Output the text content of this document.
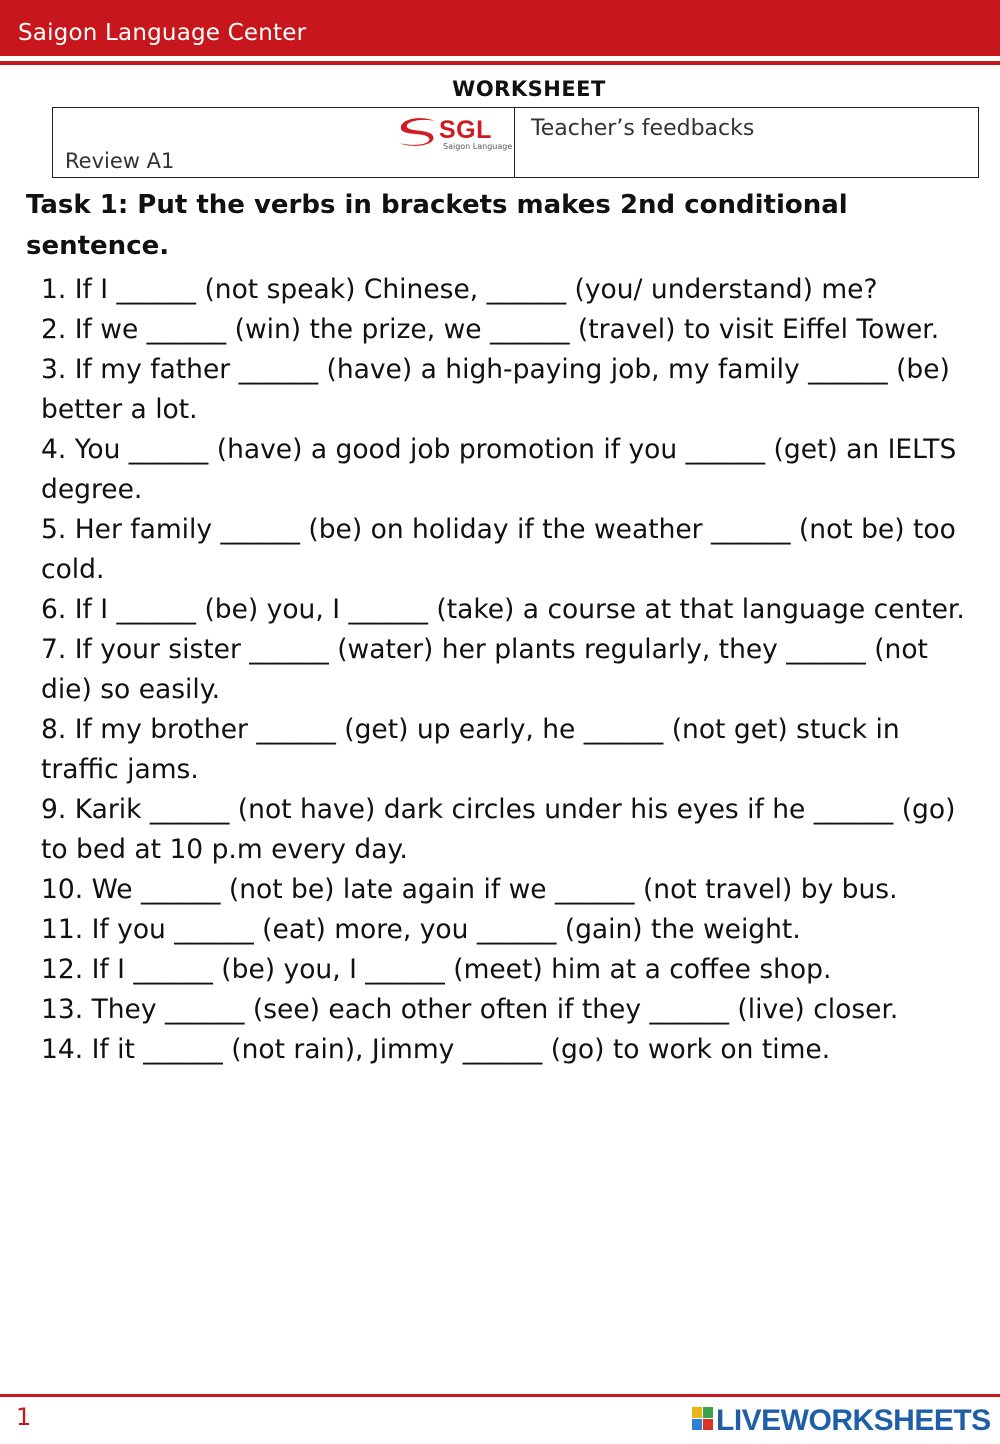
Saigon Language Center
WORKSHEET
SGL
Saigon Language
Review A1
Teacher’s feedbacks
Task 1: Put the verbs in brackets makes 2nd conditional sentence.
1. If I ______ (not speak) Chinese, ______ (you/ understand) me?
2. If we ______ (win) the prize, we ______ (travel) to visit Eiffel Tower.
3. If my father ______ (have) a high-paying job, my family ______ (be) better a lot.
4. You ______ (have) a good job promotion if you ______ (get) an IELTS degree.
5. Her family ______ (be) on holiday if the weather ______ (not be) too cold.
6. If I ______ (be) you, I ______ (take) a course at that language center.
7. If your sister ______ (water) her plants regularly, they ______ (not die) so easily.
8. If my brother ______ (get) up early, he ______ (not get) stuck in traffic jams.
9. Karik ______ (not have) dark circles under his eyes if he ______ (go) to bed at 10 p.m every day.
10. We ______ (not be) late again if we ______ (not travel) by bus.
11. If you ______ (eat) more, you ______ (gain) the weight.
12. If I ______ (be) you, I ______ (meet) him at a coffee shop.
13. They ______ (see) each other often if they ______ (live) closer.
14. If it ______ (not rain), Jimmy ______ (go) to work on time.
1	LIVEWORKSHEETS
